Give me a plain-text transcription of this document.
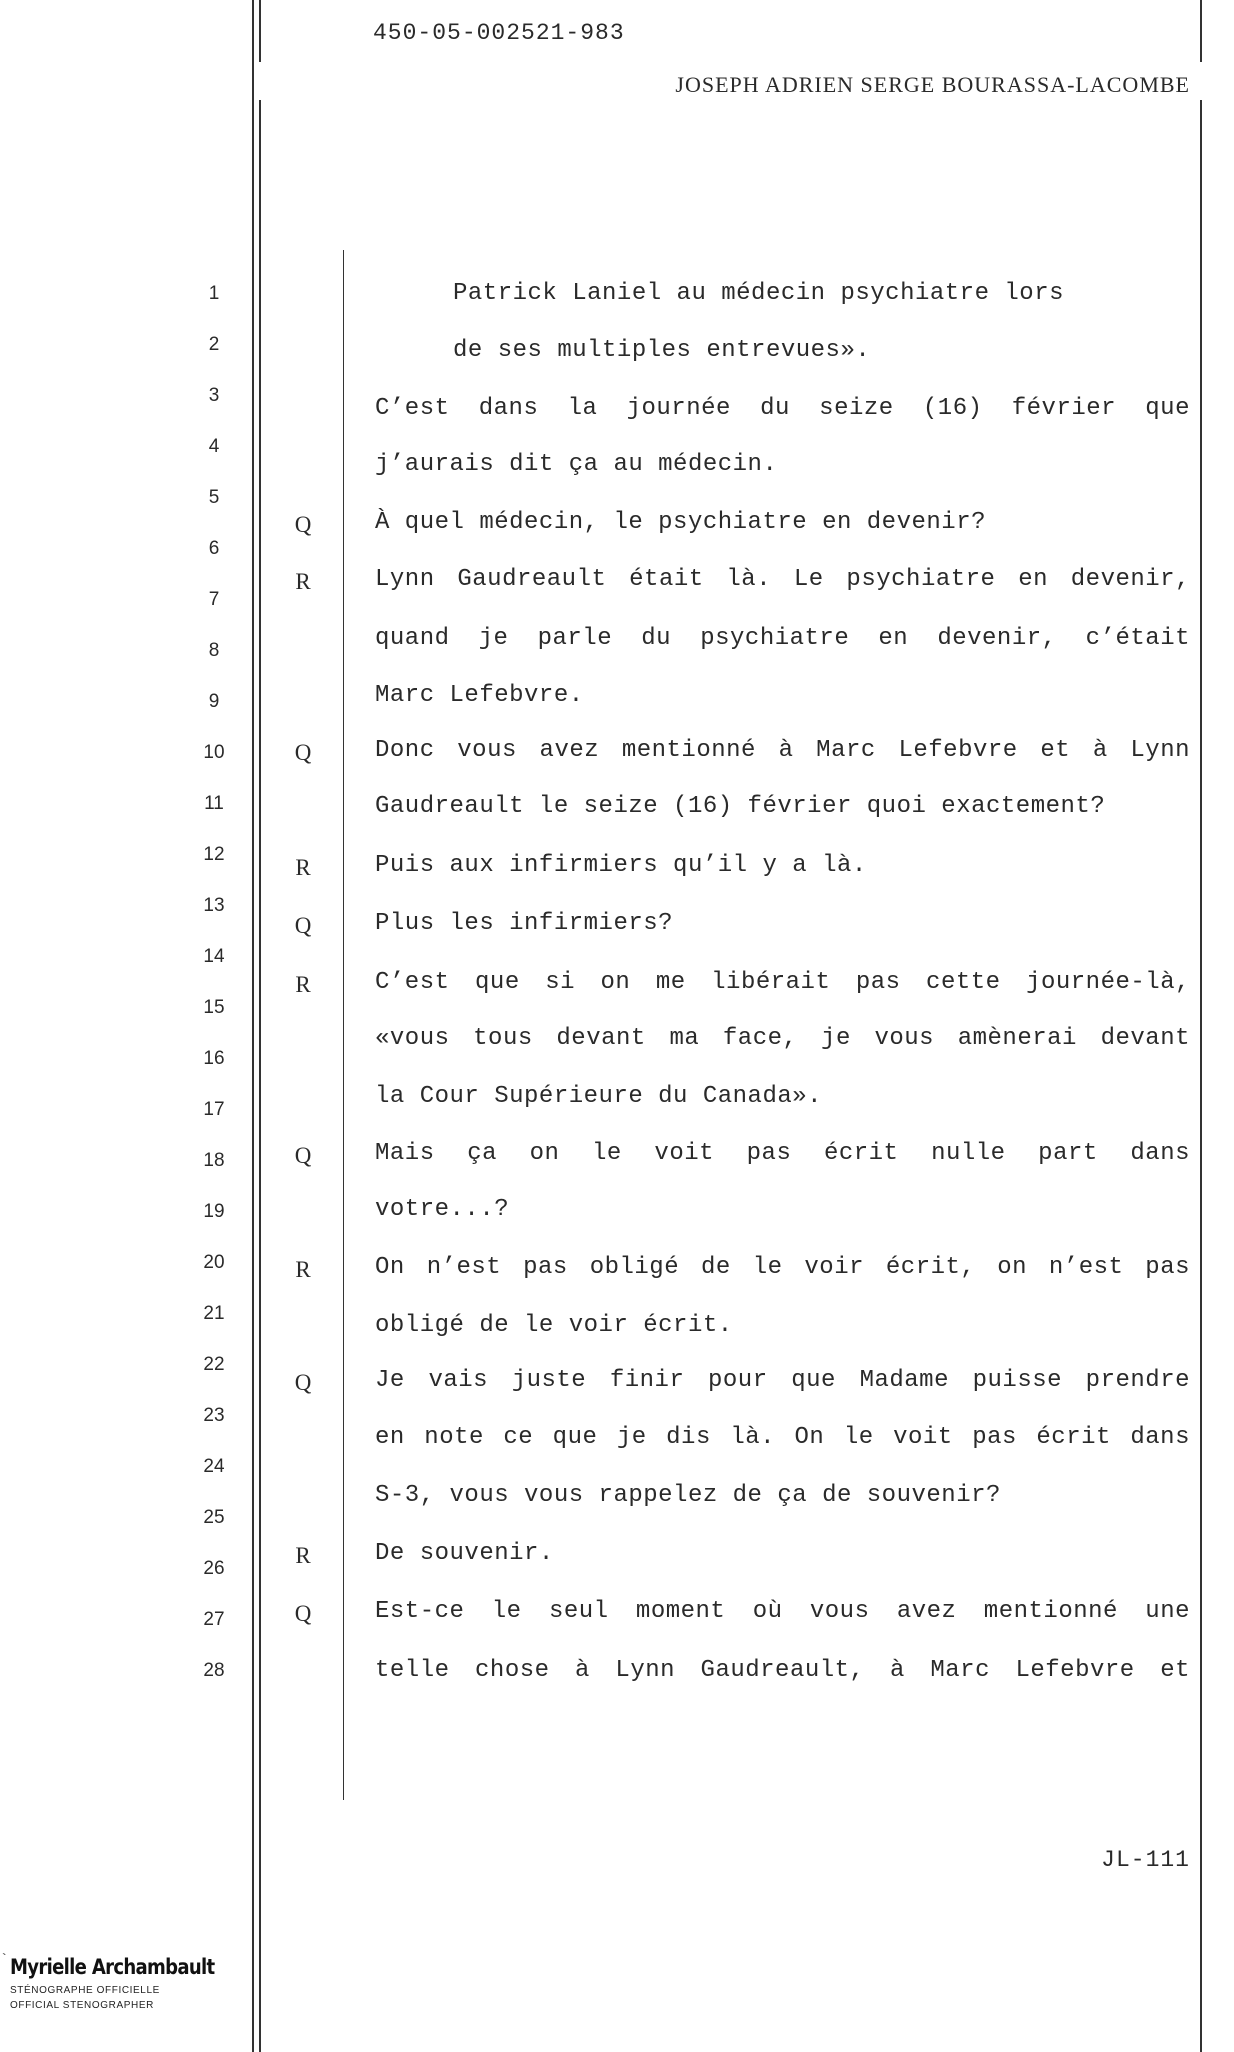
450-05-002521-983
JOSEPH ADRIEN SERGE BOURASSA-LACOMBE
1
2
3
4
5
6
7
8
9
10
11
12
13
14
15
16
17
18
19
20
21
22
23
24
25
26
27
28
Q
R
Q
R
Q
R
Q
R
Q
R
Q
Patrick Laniel au médecin psychiatre lors
de ses multiples entrevues».
C’est dans la journée du seize (16) février que
j’aurais dit ça au médecin.
À quel médecin, le psychiatre en devenir?
Lynn Gaudreault était là. Le psychiatre en devenir,
quand je parle du psychiatre en devenir, c’était
Marc Lefebvre.
Donc vous avez mentionné à Marc Lefebvre et à Lynn
Gaudreault le seize (16) février quoi exactement?
Puis aux infirmiers qu’il y a là.
Plus les infirmiers?
C’est que si on me libérait pas cette journée-là,
«vous tous devant ma face, je vous amènerai devant
la Cour Supérieure du Canada».
Mais ça on le voit pas écrit nulle part dans
votre...?
On n’est pas obligé de le voir écrit, on n’est pas
obligé de le voir écrit.
Je vais juste finir pour que Madame puisse prendre
en note ce que je dis là. On le voit pas écrit dans
S-3, vous vous rappelez de ça de souvenir?
De souvenir.
Est-ce le seul moment où vous avez mentionné une
telle chose à Lynn Gaudreault, à Marc Lefebvre et
JL-111
` Myrielle Archambault
STÉNOGRAPHE OFFICIELLE
OFFICIAL STENOGRAPHER
